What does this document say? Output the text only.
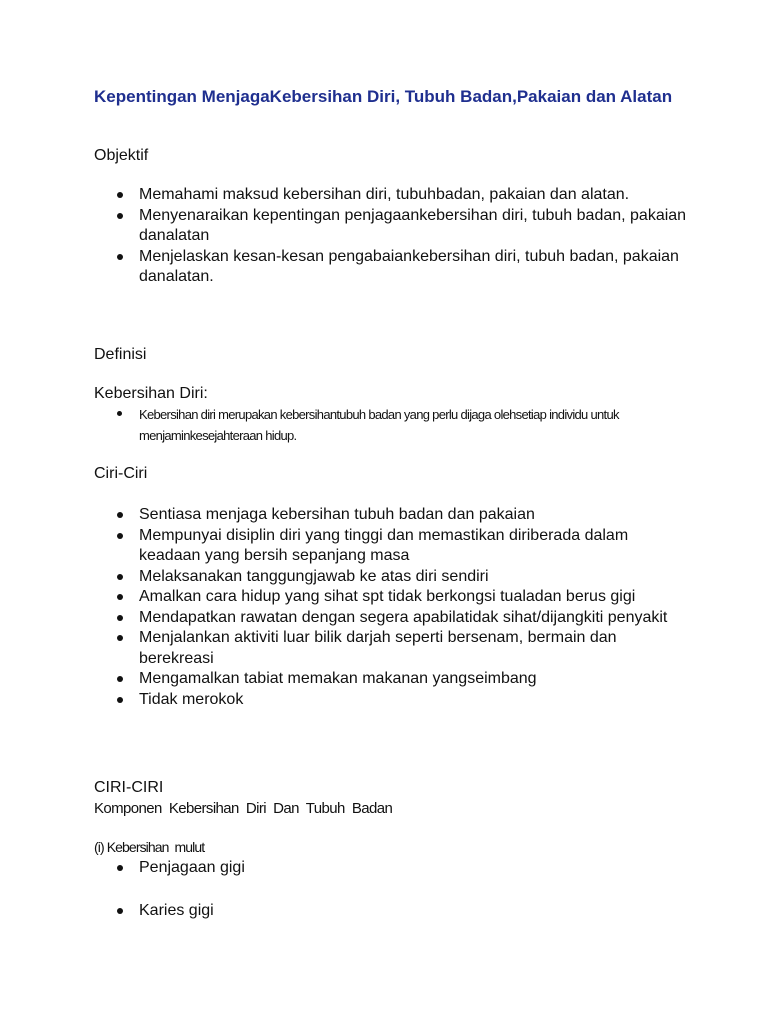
Kepentingan MenjagaKebersihan Diri, Tubuh Badan,Pakaian dan Alatan
Objektif
Memahami maksud kebersihan diri, tubuhbadan, pakaian dan alatan.
Menyenaraikan kepentingan penjagaankebersihan diri, tubuh badan, pakaian danalatan
Menjelaskan kesan-kesan pengabaiankebersihan diri, tubuh badan, pakaian danalatan.
Definisi
Kebersihan Diri:
Kebersihan diri merupakan kebersihantubuh badan yang perlu dijaga olehsetiap individu untuk menjaminkesejahteraan hidup.
Ciri-Ciri
Sentiasa menjaga kebersihan tubuh badan dan pakaian
Mempunyai disiplin diri yang tinggi dan memastikan diriberada dalam keadaan yang bersih sepanjang masa
Melaksanakan tanggungjawab ke atas diri sendiri
Amalkan cara hidup yang sihat spt tidak berkongsi tualadan berus gigi
Mendapatkan rawatan dengan segera apabilatidak sihat/dijangkiti penyakit
Menjalankan aktiviti luar bilik darjah seperti bersenam, bermain dan berekreasi
Mengamalkan tabiat memakan makanan yangseimbang
Tidak merokok
CIRI-CIRI
Komponen  Kebersihan  Diri  Dan  Tubuh  Badan
(i) Kebersihan  mulut
Penjagaan gigi
Karies gigi
